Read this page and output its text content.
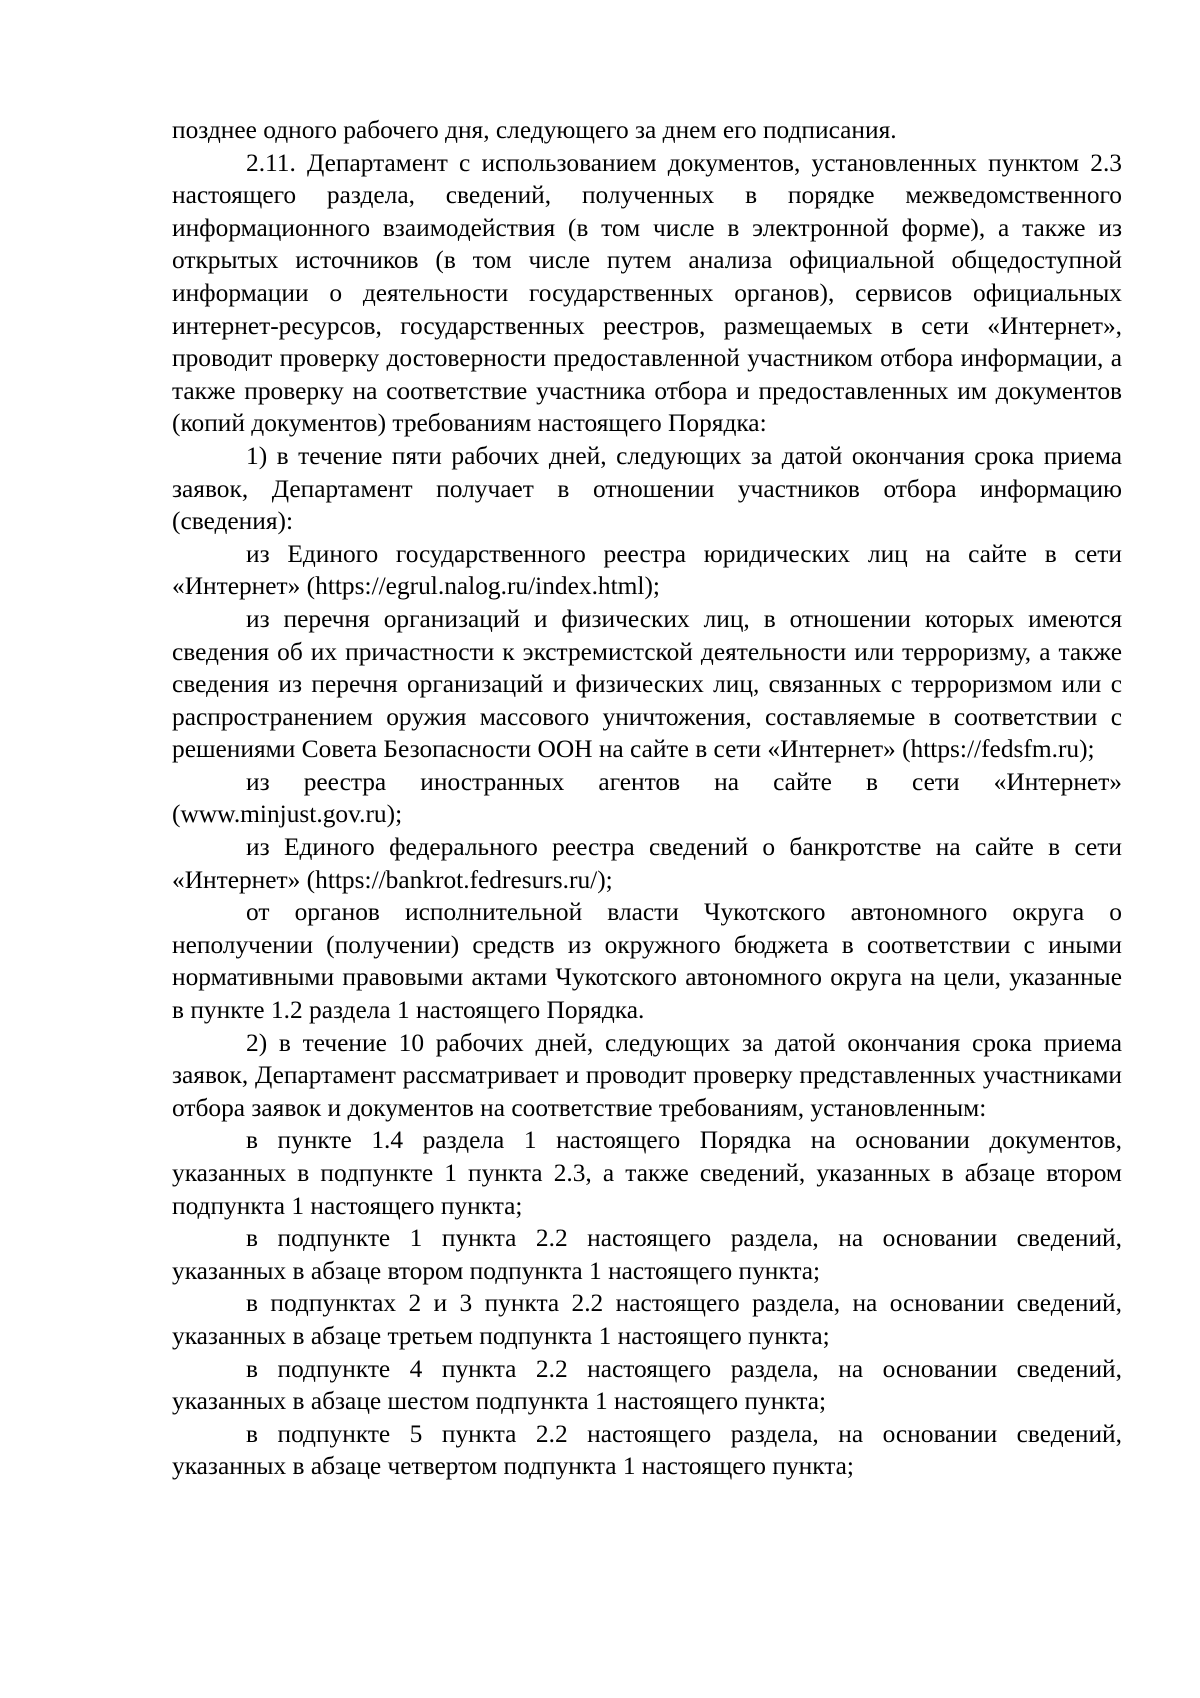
позднее одного рабочего дня, следующего за днем его подписания.

2.11. Департамент с использованием документов, установленных пунктом 2.3 настоящего раздела, сведений, полученных в порядке межведомственного информационного взаимодействия (в том числе в электронной форме), а также из открытых источников (в том числе путем анализа официальной общедоступной информации о деятельности государственных органов), сервисов официальных интернет-ресурсов, государственных реестров, размещаемых в сети «Интернет», проводит проверку достоверности предоставленной участником отбора информации, а также проверку на соответствие участника отбора и предоставленных им документов (копий документов) требованиям настоящего Порядка:

1) в течение пяти рабочих дней, следующих за датой окончания срока приема заявок, Департамент получает в отношении участников отбора информацию (сведения):

из Единого государственного реестра юридических лиц на сайте в сети «Интернет» (https://egrul.nalog.ru/index.html);

из перечня организаций и физических лиц, в отношении которых имеются сведения об их причастности к экстремистской деятельности или терроризму, а также сведения из перечня организаций и физических лиц, связанных с терроризмом или с распространением оружия массового уничтожения, составляемые в соответствии с решениями Совета Безопасности ООН на сайте в сети «Интернет» (https://fedsfm.ru);

из реестра иностранных агентов на сайте в сети «Интернет» (www.minjust.gov.ru);

из Единого федерального реестра сведений о банкротстве на сайте в сети «Интернет» (https://bankrot.fedresurs.ru/);

от органов исполнительной власти Чукотского автономного округа о неполучении (получении) средств из окружного бюджета в соответствии с иными нормативными правовыми актами Чукотского автономного округа на цели, указанные в пункте 1.2 раздела 1 настоящего Порядка.

2) в течение 10 рабочих дней, следующих за датой окончания срока приема заявок, Департамент рассматривает и проводит проверку представленных участниками отбора заявок и документов на соответствие требованиям, установленным:

в пункте 1.4 раздела 1 настоящего Порядка на основании документов, указанных в подпункте 1 пункта 2.3, а также сведений, указанных в абзаце втором подпункта 1 настоящего пункта;

в подпункте 1 пункта 2.2 настоящего раздела, на основании сведений, указанных в абзаце втором подпункта 1 настоящего пункта;

в подпунктах 2 и 3 пункта 2.2 настоящего раздела, на основании сведений, указанных в абзаце третьем подпункта 1 настоящего пункта;

в подпункте 4 пункта 2.2 настоящего раздела, на основании сведений, указанных в абзаце шестом подпункта 1 настоящего пункта;

в подпункте 5 пункта 2.2 настоящего раздела, на основании сведений, указанных в абзаце четвертом подпункта 1 настоящего пункта;
